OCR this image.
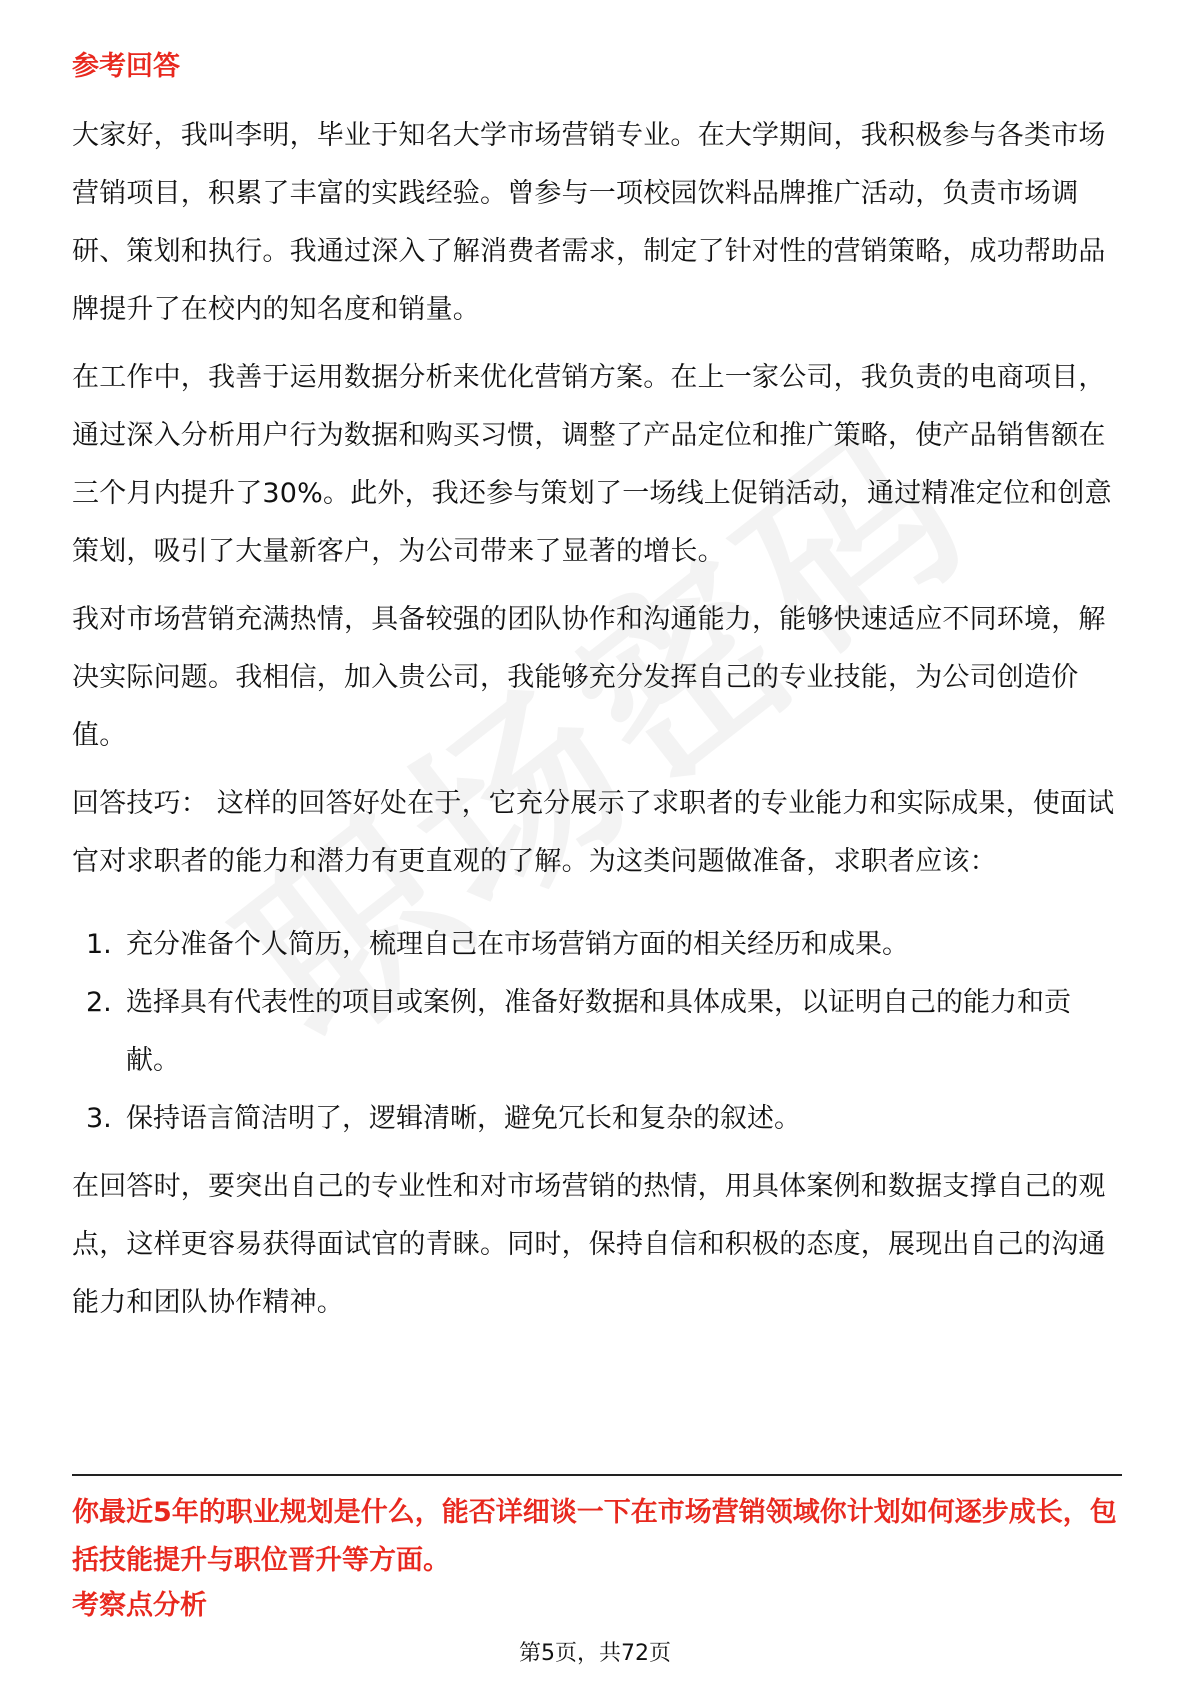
参考回答

大家好，我叫李明，毕业于知名大学市场营销专业。在大学期间，我积极参与各类市场营销项目，积累了丰富的实践经验。曾参与一项校园饮料品牌推广活动，负责市场调研、策划和执行。我通过深入了解消费者需求，制定了针对性的营销策略，成功帮助品牌提升了在校内的知名度和销量。

在工作中，我善于运用数据分析来优化营销方案。在上一家公司，我负责的电商项目，通过深入分析用户行为数据和购买习惯，调整了产品定位和推广策略，使产品销售额在三个月内提升了30%。此外，我还参与策划了一场线上促销活动，通过精准定位和创意策划，吸引了大量新客户，为公司带来了显著的增长。

我对市场营销充满热情，具备较强的团队协作和沟通能力，能够快速适应不同环境，解决实际问题。我相信，加入贵公司，我能够充分发挥自己的专业技能，为公司创造价值。

回答技巧： 这样的回答好处在于，它充分展示了求职者的专业能力和实际成果，使面试官对求职者的能力和潜力有更直观的了解。为这类问题做准备，求职者应该：

1. 充分准备个人简历，梳理自己在市场营销方面的相关经历和成果。
2. 选择具有代表性的项目或案例，准备好数据和具体成果，以证明自己的能力和贡献。
3. 保持语言简洁明了，逻辑清晰，避免冗长和复杂的叙述。

在回答时，要突出自己的专业性和对市场营销的热情，用具体案例和数据支撑自己的观点，这样更容易获得面试官的青睐。同时，保持自信和积极的态度，展现出自己的沟通能力和团队协作精神。

你最近5年的职业规划是什么，能否详细谈一下在市场营销领域你计划如何逐步成长，包括技能提升与职位晋升等方面。

考察点分析
第5页，共72页
